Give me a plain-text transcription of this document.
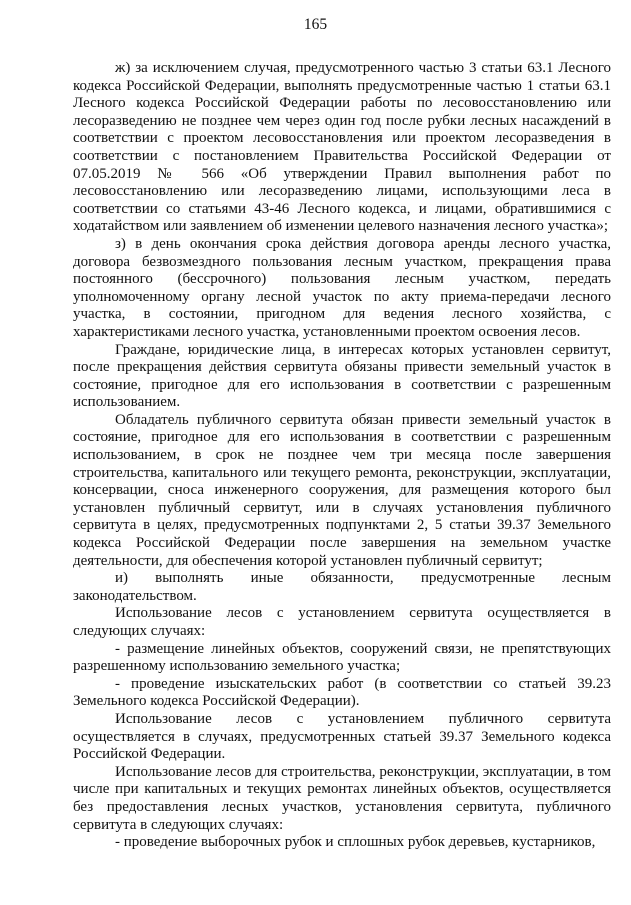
165

ж) за исключением случая, предусмотренного частью 3 статьи 63.1 Лесного кодекса Российской Федерации, выполнять предусмотренные частью 1 статьи 63.1 Лесного кодекса Российской Федерации работы по лесовосстановлению или лесоразведению не позднее чем через один год после рубки лесных насаждений в соответствии с проектом лесовосстановления или проектом лесоразведения в соответствии с постановлением Правительства Российской Федерации от 07.05.2019 № 566 «Об утверждении Правил выполнения работ по лесовосстановлению или лесоразведению лицами, использующими леса в соответствии со статьями 43-46 Лесного кодекса, и лицами, обратившимися с ходатайством или заявлением об изменении целевого назначения лесного участка»;

з) в день окончания срока действия договора аренды лесного участка, договора безвозмездного пользования лесным участком, прекращения права постоянного (бессрочного) пользования лесным участком, передать уполномоченному органу лесной участок по акту приема-передачи лесного участка, в состоянии, пригодном для ведения лесного хозяйства, с характеристиками лесного участка, установленными проектом освоения лесов.

Граждане, юридические лица, в интересах которых установлен сервитут, после прекращения действия сервитута обязаны привести земельный участок в состояние, пригодное для его использования в соответствии с разрешенным использованием.

Обладатель публичного сервитута обязан привести земельный участок в состояние, пригодное для его использования в соответствии с разрешенным использованием, в срок не позднее чем три месяца после завершения строительства, капитального или текущего ремонта, реконструкции, эксплуатации, консервации, сноса инженерного сооружения, для размещения которого был установлен публичный сервитут, или в случаях установления публичного сервитута в целях, предусмотренных подпунктами 2, 5 статьи 39.37 Земельного кодекса Российской Федерации после завершения на земельном участке деятельности, для обеспечения которой установлен публичный сервитут;

и) выполнять иные обязанности, предусмотренные лесным законодательством.

Использование лесов с установлением сервитута осуществляется в следующих случаях:

- размещение линейных объектов, сооружений связи, не препятствующих разрешенному использованию земельного участка;

- проведение изыскательских работ (в соответствии со статьей 39.23 Земельного кодекса Российской Федерации).

Использование лесов с установлением публичного сервитута осуществляется в случаях, предусмотренных статьей 39.37 Земельного кодекса Российской Федерации.

Использование лесов для строительства, реконструкции, эксплуатации, в том числе при капитальных и текущих ремонтах линейных объектов, осуществляется без предоставления лесных участков, установления сервитута, публичного сервитута в следующих случаях:

- проведение выборочных рубок и сплошных рубок деревьев, кустарников,
